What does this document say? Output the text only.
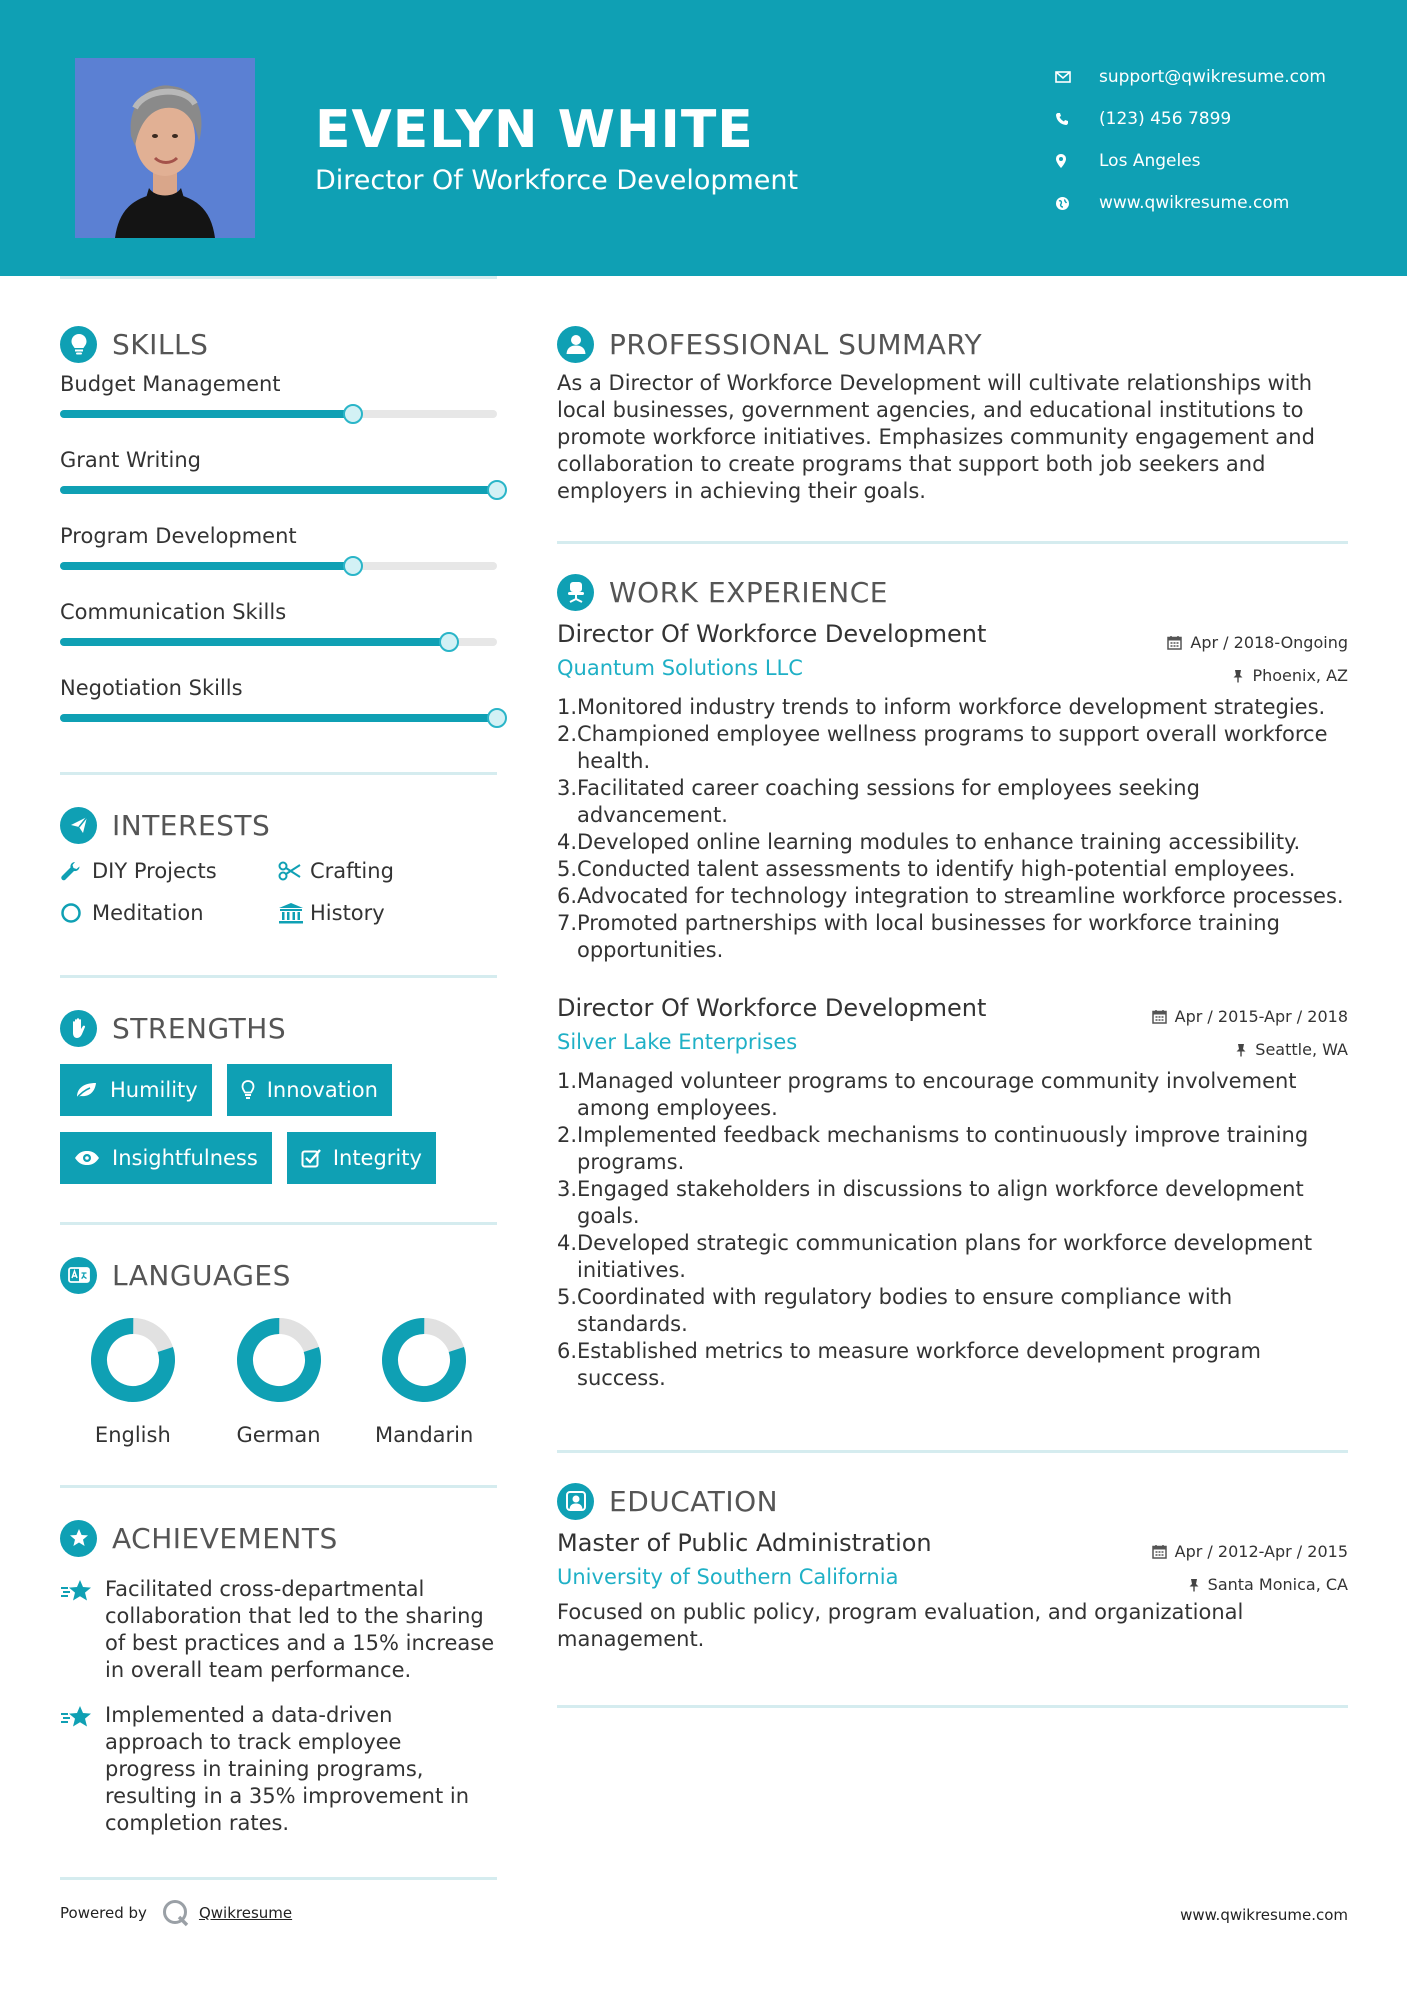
EVELYN WHITE
Director Of Workforce Development
support@qwikresume.com
(123) 456 7899
Los Angeles
www.qwikresume.com
SKILLS
Budget Management
Grant Writing
Program Development
Communication Skills
Negotiation Skills
INTERESTS
DIY Projects	Crafting
Meditation	History
STRENGTHS
Humility	Innovation
Insightfulness	Integrity
LANGUAGES
English	German	Mandarin
ACHIEVEMENTS
Facilitated cross-departmental collaboration that led to the sharing of best practices and a 15% increase in overall team performance.
Implemented a data-driven approach to track employee progress in training programs, resulting in a 35% improvement in completion rates.
PROFESSIONAL SUMMARY
As a Director of Workforce Development will cultivate relationships with local businesses, government agencies, and educational institutions to promote workforce initiatives. Emphasizes community engagement and collaboration to create programs that support both job seekers and employers in achieving their goals.
WORK EXPERIENCE
Director Of Workforce Development
Quantum Solutions LLC
Apr / 2018-Ongoing
Phoenix, AZ
1. Monitored industry trends to inform workforce development strategies.
2. Championed employee wellness programs to support overall workforce health.
3. Facilitated career coaching sessions for employees seeking advancement.
4. Developed online learning modules to enhance training accessibility.
5. Conducted talent assessments to identify high-potential employees.
6. Advocated for technology integration to streamline workforce processes.
7. Promoted partnerships with local businesses for workforce training opportunities.
Director Of Workforce Development
Silver Lake Enterprises
Apr / 2015-Apr / 2018
Seattle, WA
1. Managed volunteer programs to encourage community involvement among employees.
2. Implemented feedback mechanisms to continuously improve training programs.
3. Engaged stakeholders in discussions to align workforce development goals.
4. Developed strategic communication plans for workforce development initiatives.
5. Coordinated with regulatory bodies to ensure compliance with standards.
6. Established metrics to measure workforce development program success.
EDUCATION
Master of Public Administration
University of Southern California
Apr / 2012-Apr / 2015
Santa Monica, CA
Focused on public policy, program evaluation, and organizational management.
Powered by	Qwikresume	www.qwikresume.com
